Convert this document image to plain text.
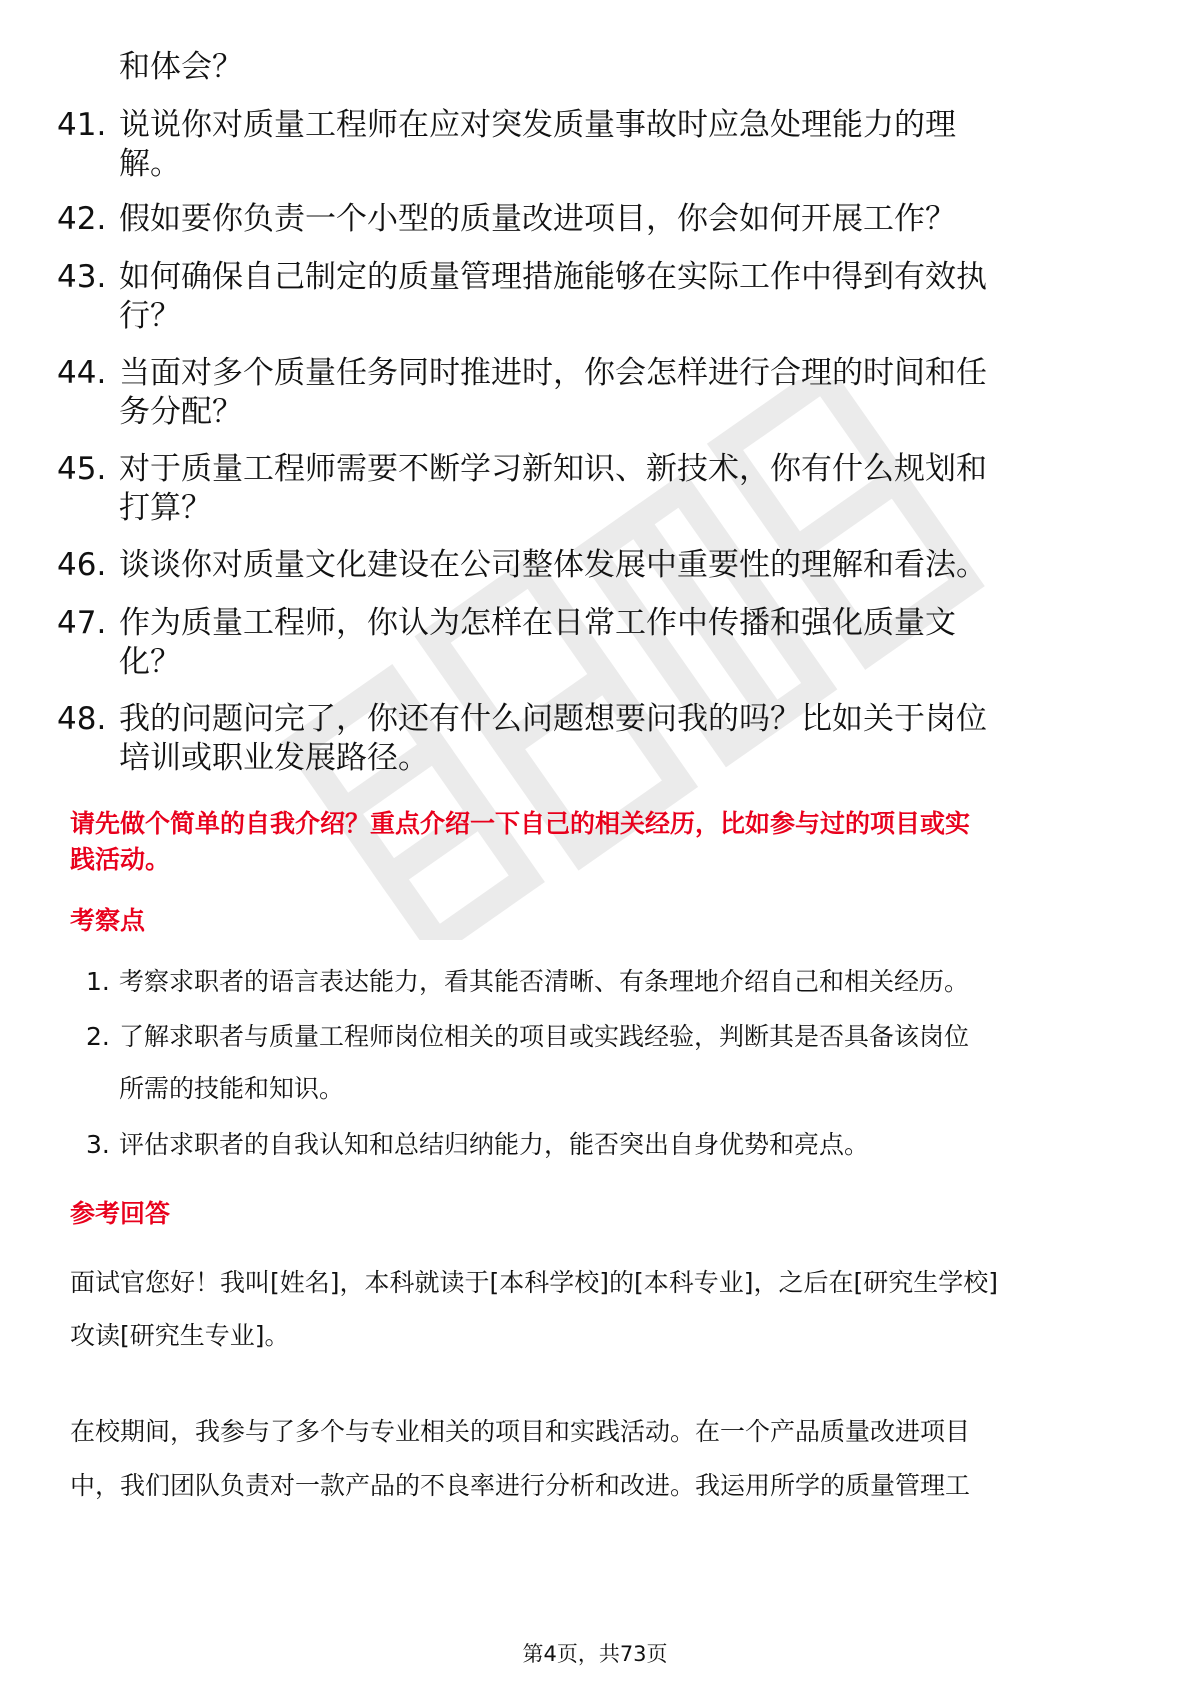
和体会？
41. 说说你对质量工程师在应对突发质量事故时应急处理能力的理
解。
42. 假如要你负责一个小型的质量改进项目，你会如何开展工作？
43. 如何确保自己制定的质量管理措施能够在实际工作中得到有效执
行？
44. 当面对多个质量任务同时推进时，你会怎样进行合理的时间和任
务分配？
45. 对于质量工程师需要不断学习新知识、新技术，你有什么规划和
打算？
46. 谈谈你对质量文化建设在公司整体发展中重要性的理解和看法。
47. 作为质量工程师，你认为怎样在日常工作中传播和强化质量文
化？
48. 我的问题问完了，你还有什么问题想要问我的吗？比如关于岗位
培训或职业发展路径。
请先做个简单的自我介绍？重点介绍一下自己的相关经历，比如参与过的项目或实
践活动。
考察点
1. 考察求职者的语言表达能力，看其能否清晰、有条理地介绍自己和相关经历。
2. 了解求职者与质量工程师岗位相关的项目或实践经验，判断其是否具备该岗位
所需的技能和知识。
3. 评估求职者的自我认知和总结归纳能力，能否突出自身优势和亮点。
参考回答
面试官您好！我叫[姓名]，本科就读于[本科学校]的[本科专业]，之后在[研究生学校]
攻读[研究生专业]。
在校期间，我参与了多个与专业相关的项目和实践活动。在一个产品质量改进项目
中，我们团队负责对一款产品的不良率进行分析和改进。我运用所学的质量管理工
第4页，共73页
